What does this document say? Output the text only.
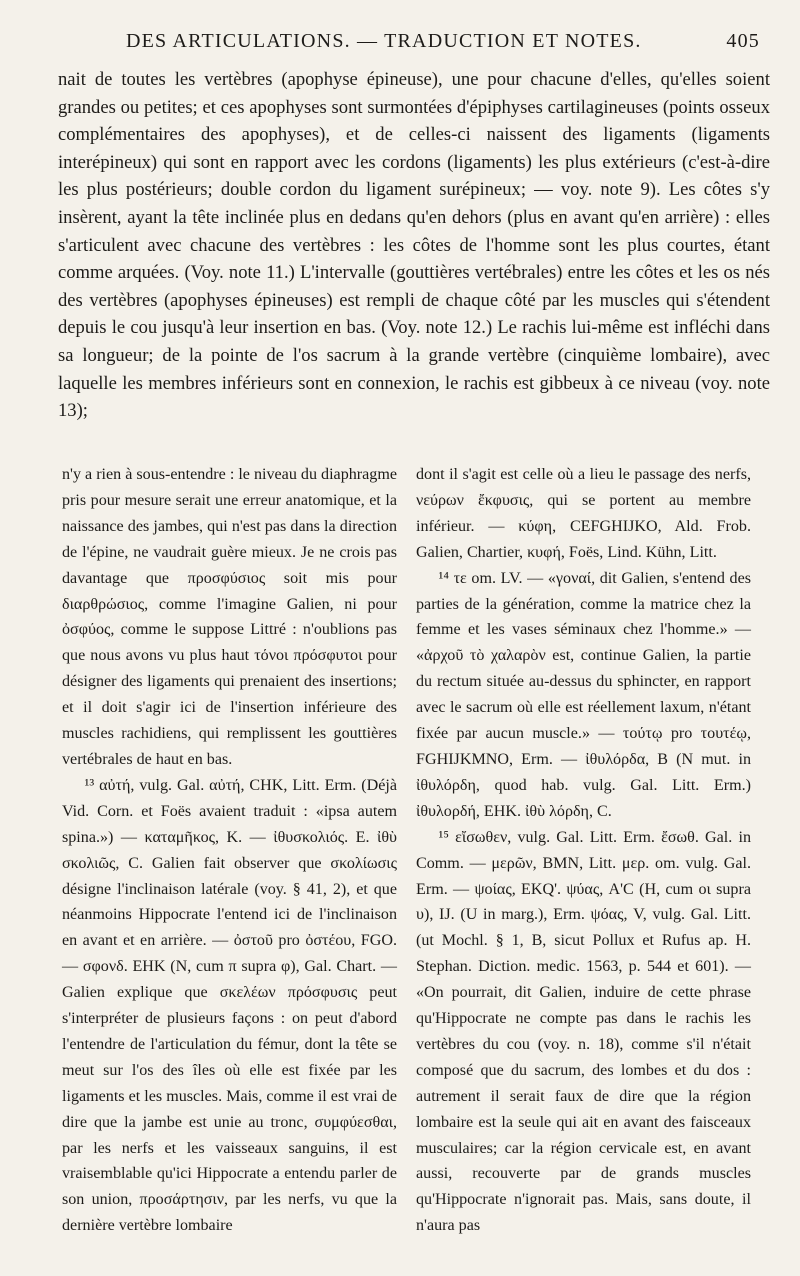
DES ARTICULATIONS. — TRADUCTION ET NOTES.	405

nait de toutes les vertèbres (apophyse épineuse), une pour chacune d'elles, qu'elles soient grandes ou petites; et ces apophyses sont surmontées d'épiphyses cartilagineuses (points osseux complémentaires des apophyses), et de celles-ci naissent des ligaments (ligaments interépineux) qui sont en rapport avec les cordons (ligaments) les plus extérieurs (c'est-à-dire les plus postérieurs; double cordon du ligament surépineux; — voy. note 9). Les côtes s'y insèrent, ayant la tête inclinée plus en dedans qu'en dehors (plus en avant qu'en arrière) : elles s'articulent avec chacune des vertèbres : les côtes de l'homme sont les plus courtes, étant comme arquées. (Voy. note 11.) L'intervalle (gouttières vertébrales) entre les côtes et les os nés des vertèbres (apophyses épineuses) est rempli de chaque côté par les muscles qui s'étendent depuis le cou jusqu'à leur insertion en bas. (Voy. note 12.) Le rachis lui-même est infléchi dans sa longueur; de la pointe de l'os sacrum à la grande vertèbre (cinquième lombaire), avec laquelle les membres inférieurs sont en connexion, le rachis est gibbeux à ce niveau (voy. note 13);

n'y a rien à sous-entendre : le niveau du diaphragme pris pour mesure serait une erreur anatomique, et la naissance des jambes, qui n'est pas dans la direction de l'épine, ne vaudrait guère mieux. Je ne crois pas davantage que προσφύσιος soit mis pour διαρθρώσιος, comme l'imagine Galien, ni pour ὀσφύος, comme le suppose Littré : n'oublions pas que nous avons vu plus haut τόνοι πρόσφυτοι pour désigner des ligaments qui prenaient des insertions; et il doit s'agir ici de l'insertion inférieure des muscles rachidiens, qui remplissent les gouttières vertébrales de haut en bas.

¹³ αὐτή, vulg. Gal. αὐτή, CHK, Litt. Erm. (Déjà Vid. Corn. et Foës avaient traduit : «ipsa autem spina.») — καταμῆκος, K. — ἰθυσκολιός. E. ἰθὺ σκολιῶς, C. Galien fait observer que σκολίωσις désigne l'inclinaison latérale (voy. § 41, 2), et que néanmoins Hippocrate l'entend ici de l'inclinaison en avant et en arrière. — ὀστοῦ pro ὀστέου, FGO. — σφονδ. EHK (N, cum π supra φ), Gal. Chart. — Galien explique que σκελέων πρόσφυσις peut s'interpréter de plusieurs façons : on peut d'abord l'entendre de l'articulation du fémur, dont la tête se meut sur l'os des îles où elle est fixée par les ligaments et les muscles. Mais, comme il est vrai de dire que la jambe est unie au tronc, συμφύεσθαι, par les nerfs et les vaisseaux sanguins, il est vraisemblable qu'ici Hippocrate a entendu parler de son union, προσάρτησιν, par les nerfs, vu que la dernière vertèbre lombaire

dont il s'agit est celle où a lieu le passage des nerfs, νεύρων ἔκφυσις, qui se portent au membre inférieur. — κύφη, CEFGHIJKO, Ald. Frob. Galien, Chartier, κυφή, Foës, Lind. Kühn, Litt.

¹⁴ τε om. LV. — «γοναί, dit Galien, s'entend des parties de la génération, comme la matrice chez la femme et les vases séminaux chez l'homme.» — «ἀρχοῦ τὸ χαλαρὸν est, continue Galien, la partie du rectum située au-dessus du sphincter, en rapport avec le sacrum où elle est réellement laxum, n'étant fixée par aucun muscle.» — τούτῳ pro τουτέῳ, FGHIJKMNO, Erm. — ἰθυλόρδα, B (N mut. in ἰθυλόρδη, quod hab. vulg. Gal. Litt. Erm.) ἰθυλορδή, EHK. ἰθὺ λόρδη, C.

¹⁵ εἴσωθεν, vulg. Gal. Litt. Erm. ἔσωθ. Gal. in Comm. — μερῶν, BMN, Litt. μερ. om. vulg. Gal. Erm. — ψοίας, EKQ'. ψύας, A'C (H, cum οι supra υ), IJ. (U in marg.), Erm. ψόας, V, vulg. Gal. Litt. (ut Mochl. § 1, B, sicut Pollux et Rufus ap. H. Stephan. Diction. medic. 1563, p. 544 et 601). — «On pourrait, dit Galien, induire de cette phrase qu'Hippocrate ne compte pas dans le rachis les vertèbres du cou (voy. n. 18), comme s'il n'était composé que du sacrum, des lombes et du dos : autrement il serait faux de dire que la région lombaire est la seule qui ait en avant des faisceaux musculaires; car la région cervicale est, en avant aussi, recouverte par de grands muscles qu'Hippocrate n'ignorait pas. Mais, sans doute, il n'aura pas
